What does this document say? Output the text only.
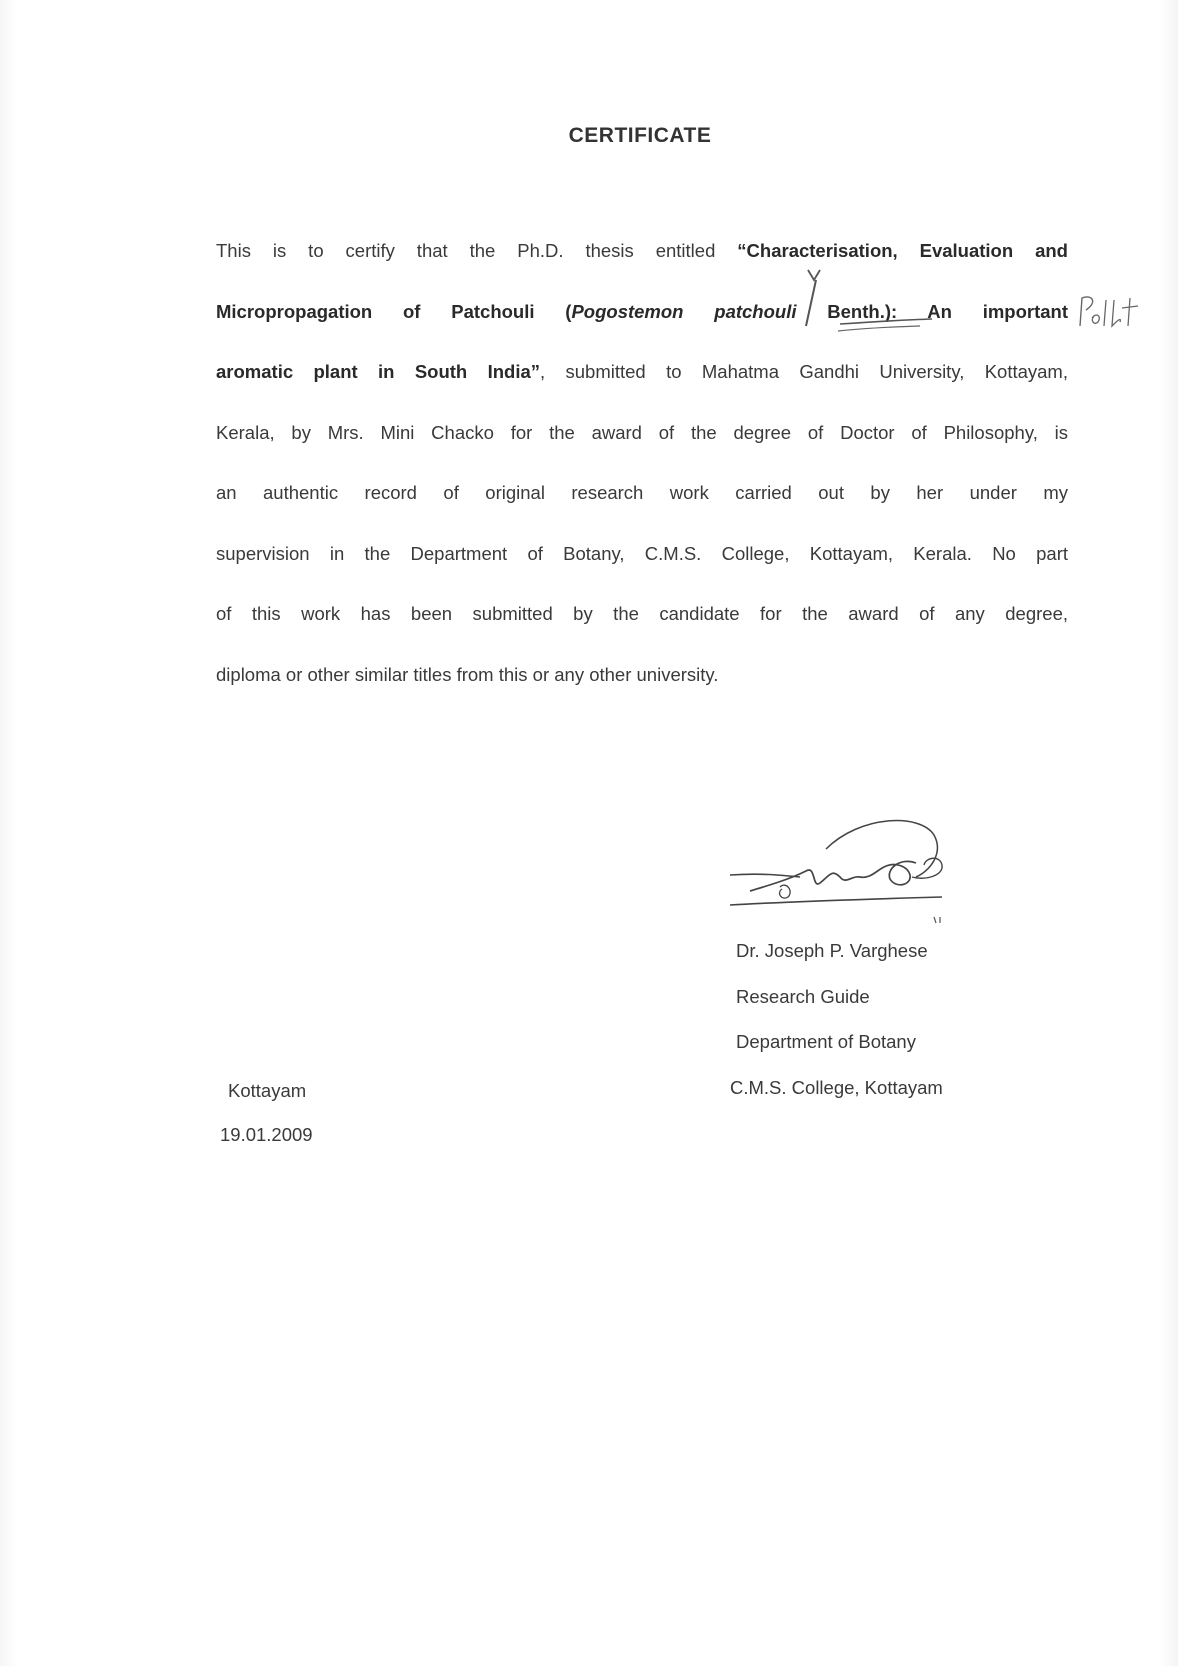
CERTIFICATE
This is to certify that the Ph.D. thesis entitled “Characterisation, Evaluation and
Micropropagation of Patchouli (Pogostemon patchouli Benth.): An important
aromatic plant in South India”, submitted to Mahatma Gandhi University, Kottayam,
Kerala, by Mrs. Mini Chacko for the award of the degree of Doctor of Philosophy, is
an authentic record of original research work carried out by her under my
supervision in the Department of Botany, C.M.S. College, Kottayam, Kerala. No part
of this work has been submitted by the candidate for the award of any degree,
diploma or other similar titles from this or any other university.
Dr. Joseph P. Varghese
Research Guide
Department of Botany
C.M.S. College, Kottayam
Kottayam
19.01.2009
